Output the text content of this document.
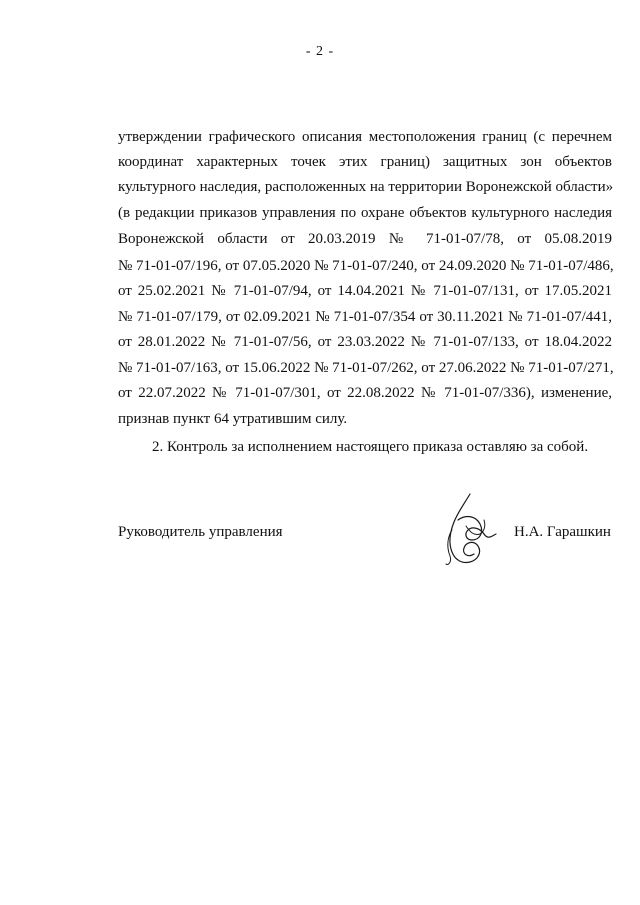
- 2 -
утверждении графического описания местоположения границ (с перечнем
координат характерных точек этих границ) защитных зон объектов
культурного наследия, расположенных на территории Воронежской области»
(в редакции приказов управления по охране объектов культурного наследия
Воронежской области от 20.03.2019 № 71-01-07/78, от 05.08.2019
№ 71-01-07/196, от 07.05.2020 № 71-01-07/240, от 24.09.2020 № 71-01-07/486,
от 25.02.2021 № 71-01-07/94, от 14.04.2021 № 71-01-07/131, от 17.05.2021
№ 71-01-07/179, от 02.09.2021 № 71-01-07/354 от 30.11.2021 № 71-01-07/441,
от 28.01.2022 № 71-01-07/56, от 23.03.2022 № 71-01-07/133, от 18.04.2022
№ 71-01-07/163, от 15.06.2022 № 71-01-07/262, от 27.06.2022 № 71-01-07/271,
от 22.07.2022 № 71-01-07/301, от 22.08.2022 № 71-01-07/336), изменение,
признав пункт 64 утратившим силу.
2. Контроль за исполнением настоящего приказа оставляю за собой.
Руководитель управления	Н.А. Гарашкин
